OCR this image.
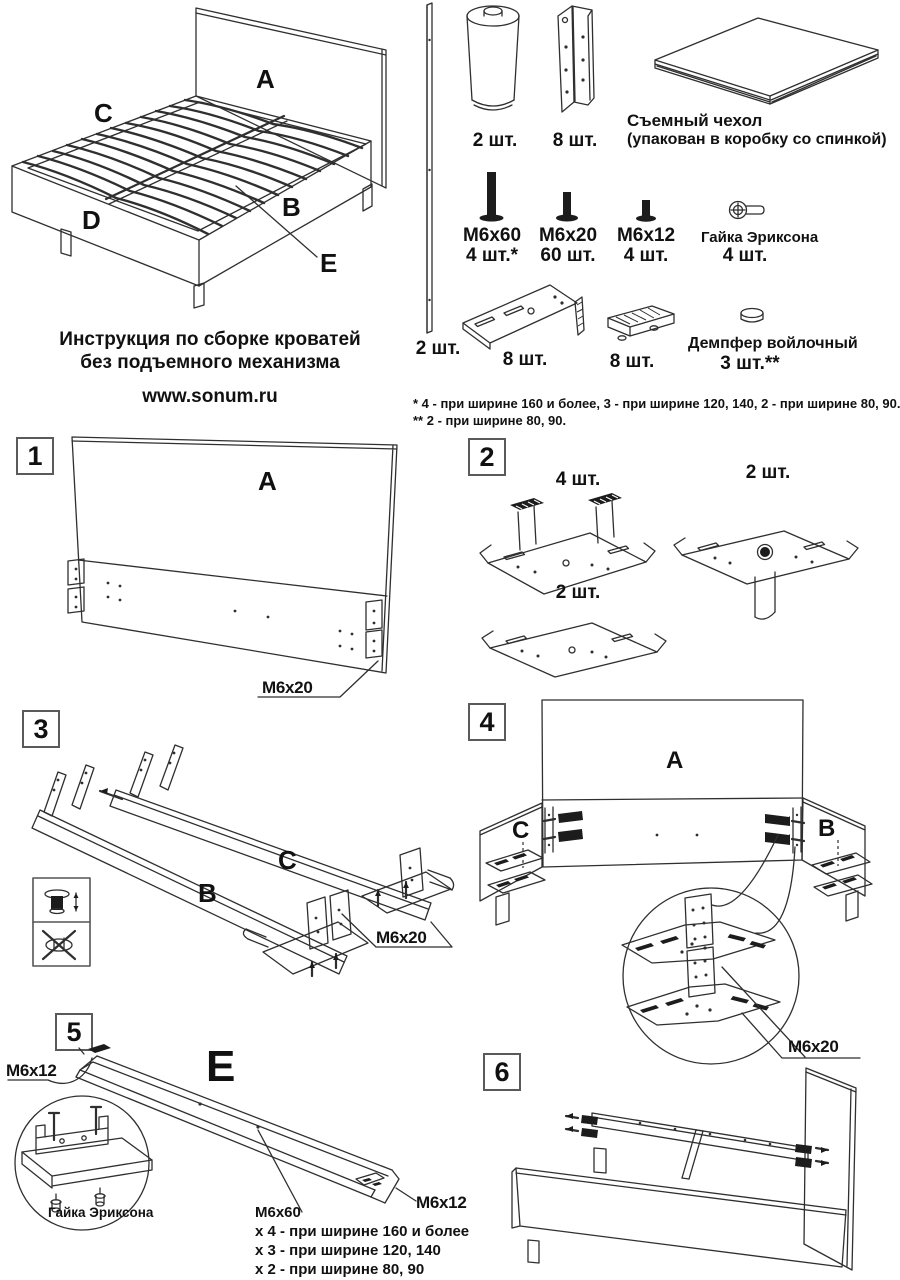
A
C
B
D
E
2 шт.
2 шт.	8 шт.
Съемный чехол
(упакован в коробку со спинкой)
M6x60
4 шт.*
M6x20
60 шт.
M6x12
4 шт.
Гайка Эриксона
4 шт.
8 шт.	8 шт.
Демпфер войлочный
3 шт.**
Инструкция по сборке кроватей
без подъемного механизма
www.sonum.ru	* 4 - при ширине 160 и более, 3 - при ширине 120, 140, 2 - при ширине 80, 90.
** 2 - при ширине 80, 90.
1
A
M6x20
2
4 шт.	2 шт.
2 шт.
3
B
C
M6x20
4
A
C	B
M6x20
5
M6x12	E
M6x12
Гайка Эриксона	M6x60
x 4 - при ширине 160 и более
x 3 - при ширине 120, 140
x 2 - при ширине 80, 90
6
